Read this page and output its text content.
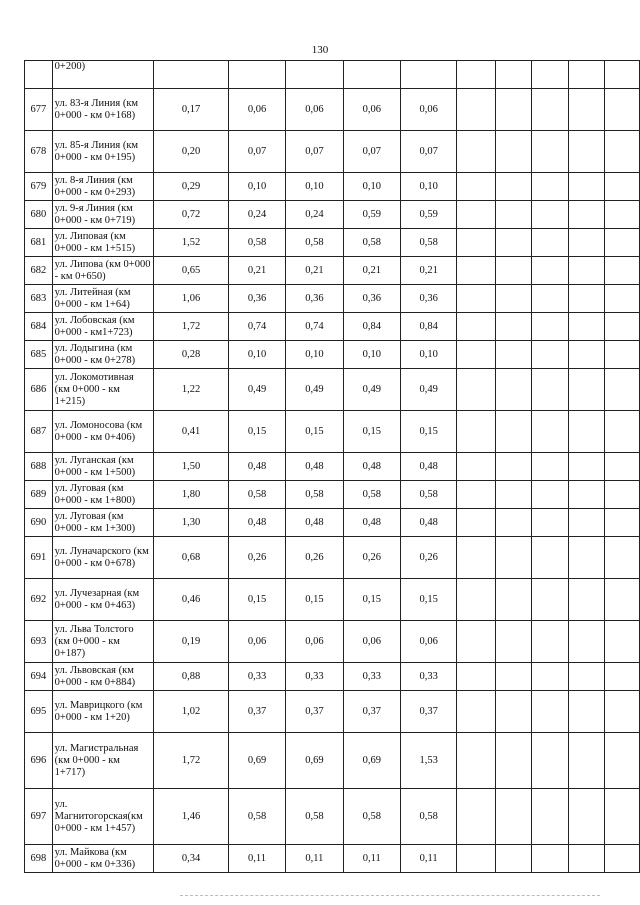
130
	0+200)										
677	ул. 83-я Линия (км 0+000 - км 0+168)	0,17	0,06	0,06	0,06	0,06					
678	ул. 85-я Линия (км 0+000 - км 0+195)	0,20	0,07	0,07	0,07	0,07					
679	ул. 8-я Линия (км 0+000 - км 0+293)	0,29	0,10	0,10	0,10	0,10					
680	ул. 9-я Линия (км 0+000 - км 0+719)	0,72	0,24	0,24	0,59	0,59					
681	ул. Липовая (км 0+000 - км 1+515)	1,52	0,58	0,58	0,58	0,58					
682	ул. Липова (км 0+000 - км 0+650)	0,65	0,21	0,21	0,21	0,21					
683	ул. Литейная (км 0+000 - км 1+64)	1,06	0,36	0,36	0,36	0,36					
684	ул. Лобовская (км 0+000 - км1+723)	1,72	0,74	0,74	0,84	0,84					
685	ул. Лодыгина (км 0+000 - км 0+278)	0,28	0,10	0,10	0,10	0,10					
686	ул. Локомотивная (км 0+000 - км 1+215)	1,22	0,49	0,49	0,49	0,49					
687	ул. Ломоносова (км 0+000 - км 0+406)	0,41	0,15	0,15	0,15	0,15					
688	ул. Луганская (км 0+000 - км 1+500)	1,50	0,48	0,48	0,48	0,48					
689	ул. Луговая (км 0+000 - км 1+800)	1,80	0,58	0,58	0,58	0,58					
690	ул. Луговая (км 0+000 - км 1+300)	1,30	0,48	0,48	0,48	0,48					
691	ул. Луначарского (км 0+000 - км 0+678)	0,68	0,26	0,26	0,26	0,26					
692	ул. Лучезарная (км 0+000 - км 0+463)	0,46	0,15	0,15	0,15	0,15					
693	ул. Льва Толстого (км 0+000 - км 0+187)	0,19	0,06	0,06	0,06	0,06					
694	ул. Львовская (км 0+000 - км 0+884)	0,88	0,33	0,33	0,33	0,33					
695	ул. Маврицкого (км 0+000 - км 1+20)	1,02	0,37	0,37	0,37	0,37					
696	ул. Магистральная (км 0+000 - км 1+717)	1,72	0,69	0,69	0,69	1,53					
697	ул. Магнитогорская(км 0+000 - км 1+457)	1,46	0,58	0,58	0,58	0,58					
698	ул. Майкова (км 0+000 - км 0+336)	0,34	0,11	0,11	0,11	0,11					
